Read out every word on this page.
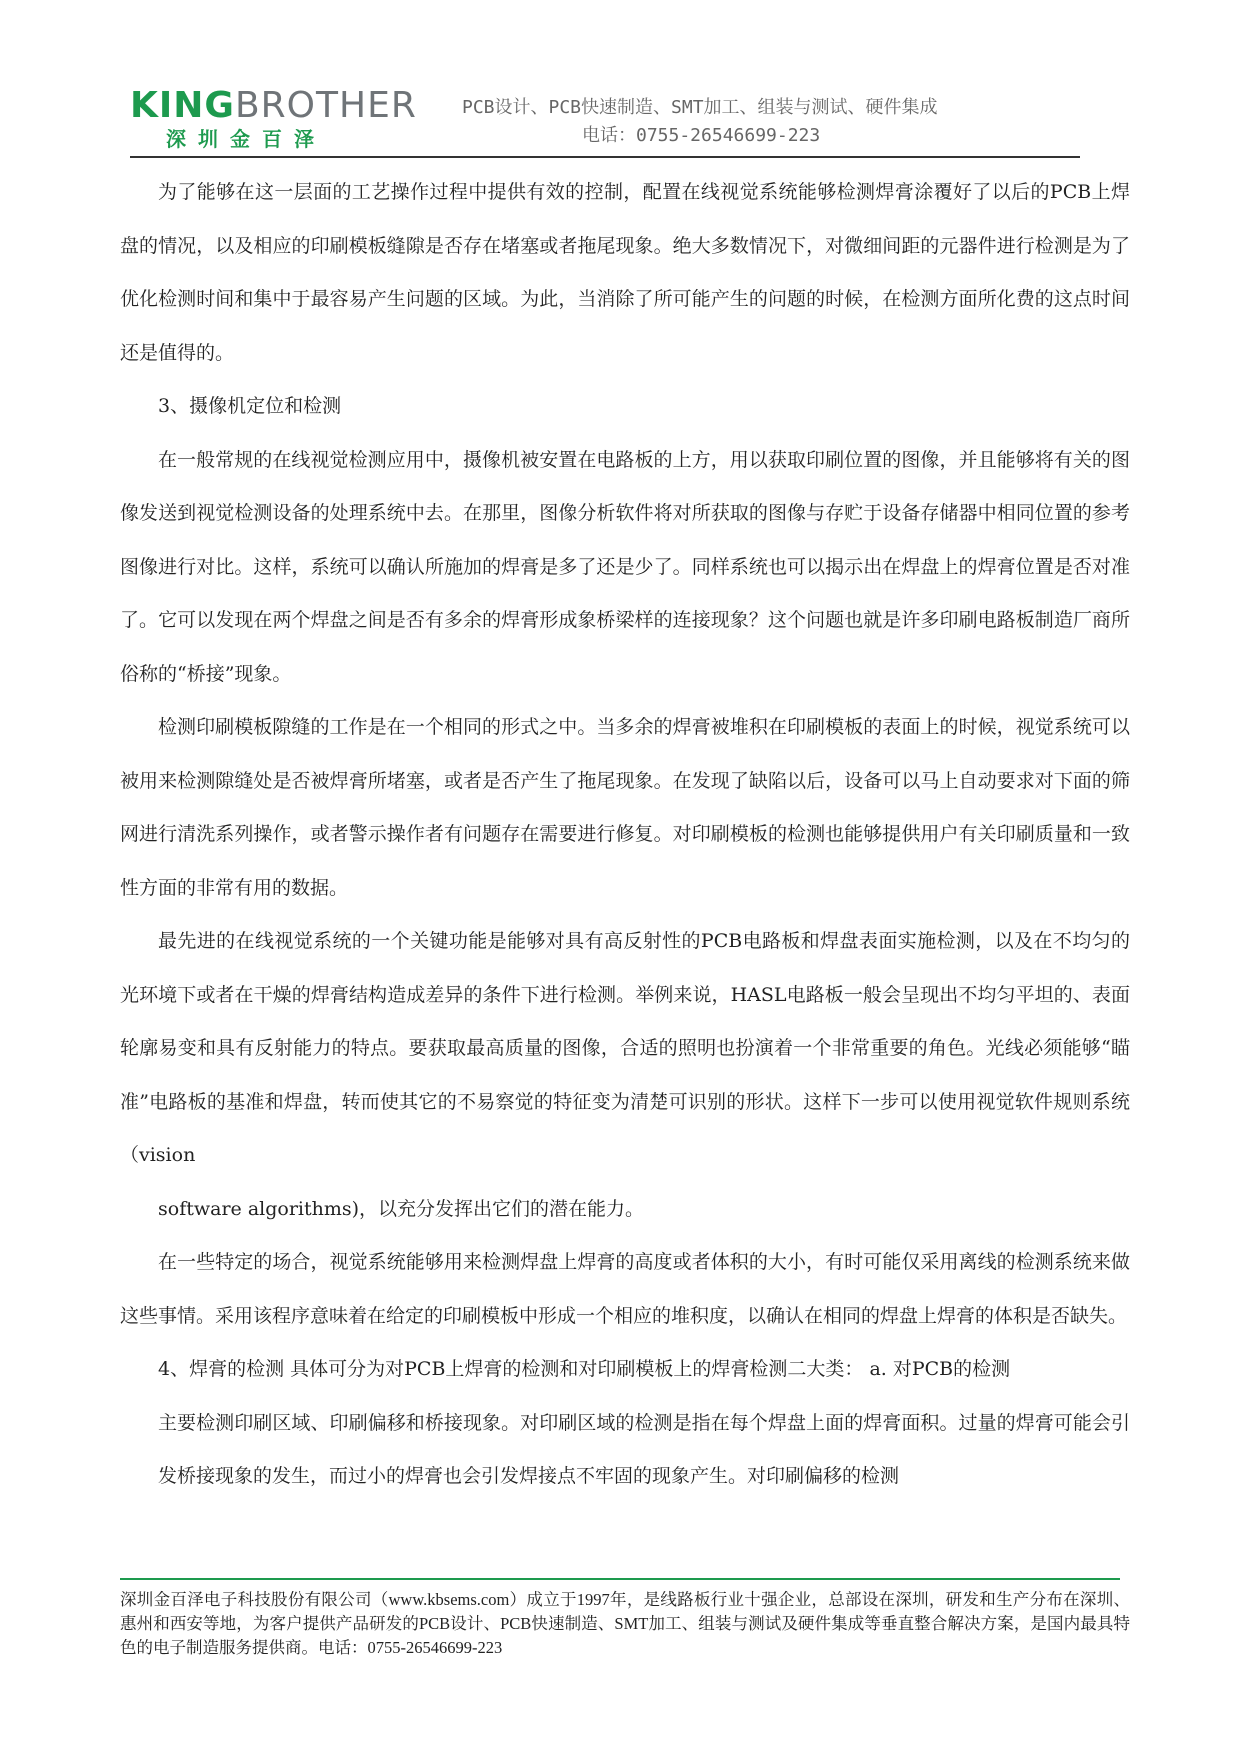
KINGBROTHER
深圳金百泽
PCB设计、PCB快速制造、SMT加工、组装与测试、硬件集成
电话：0755-26546699-223

为了能够在这一层面的工艺操作过程中提供有效的控制，配置在线视觉系统能够检测焊膏涂覆好了以后的PCB上焊盘的情况，以及相应的印刷模板缝隙是否存在堵塞或者拖尾现象。绝大多数情况下，对微细间距的元器件进行检测是为了优化检测时间和集中于最容易产生问题的区域。为此，当消除了所可能产生的问题的时候，在检测方面所化费的这点时间还是值得的。

3、摄像机定位和检测

在一般常规的在线视觉检测应用中，摄像机被安置在电路板的上方，用以获取印刷位置的图像，并且能够将有关的图像发送到视觉检测设备的处理系统中去。在那里，图像分析软件将对所获取的图像与存贮于设备存储器中相同位置的参考图像进行对比。这样，系统可以确认所施加的焊膏是多了还是少了。同样系统也可以揭示出在焊盘上的焊膏位置是否对准了。它可以发现在两个焊盘之间是否有多余的焊膏形成象桥梁样的连接现象？这个问题也就是许多印刷电路板制造厂商所俗称的“桥接”现象。

检测印刷模板隙缝的工作是在一个相同的形式之中。当多余的焊膏被堆积在印刷模板的表面上的时候，视觉系统可以被用来检测隙缝处是否被焊膏所堵塞，或者是否产生了拖尾现象。在发现了缺陷以后，设备可以马上自动要求对下面的筛网进行清洗系列操作，或者警示操作者有问题存在需要进行修复。对印刷模板的检测也能够提供用户有关印刷质量和一致性方面的非常有用的数据。

最先进的在线视觉系统的一个关键功能是能够对具有高反射性的PCB电路板和焊盘表面实施检测，以及在不均匀的光环境下或者在干燥的焊膏结构造成差异的条件下进行检测。举例来说，HASL电路板一般会呈现出不均匀平坦的、表面轮廓易变和具有反射能力的特点。要获取最高质量的图像，合适的照明也扮演着一个非常重要的角色。光线必须能够“瞄准”电路板的基准和焊盘，转而使其它的不易察觉的特征变为清楚可识别的形状。这样下一步可以使用视觉软件规则系统（vision

software algorithms)，以充分发挥出它们的潜在能力。

在一些特定的场合，视觉系统能够用来检测焊盘上焊膏的高度或者体积的大小，有时可能仅采用离线的检测系统来做这些事情。采用该程序意味着在给定的印刷模板中形成一个相应的堆积度，以确认在相同的焊盘上焊膏的体积是否缺失。

4、焊膏的检测 具体可分为对PCB上焊膏的检测和对印刷模板上的焊膏检测二大类： a. 对PCB的检测

主要检测印刷区域、印刷偏移和桥接现象。对印刷区域的检测是指在每个焊盘上面的焊膏面积。过量的焊膏可能会引发桥接现象的发生，而过小的焊膏也会引发焊接点不牢固的现象产生。对印刷偏移的检测

深圳金百泽电子科技股份有限公司（www.kbsems.com）成立于1997年，是线路板行业十强企业，总部设在深圳，研发和生产分布在深圳、惠州和西安等地，为客户提供产品研发的PCB设计、PCB快速制造、SMT加工、组装与测试及硬件集成等垂直整合解决方案，是国内最具特色的电子制造服务提供商。电话：0755-26546699-223
